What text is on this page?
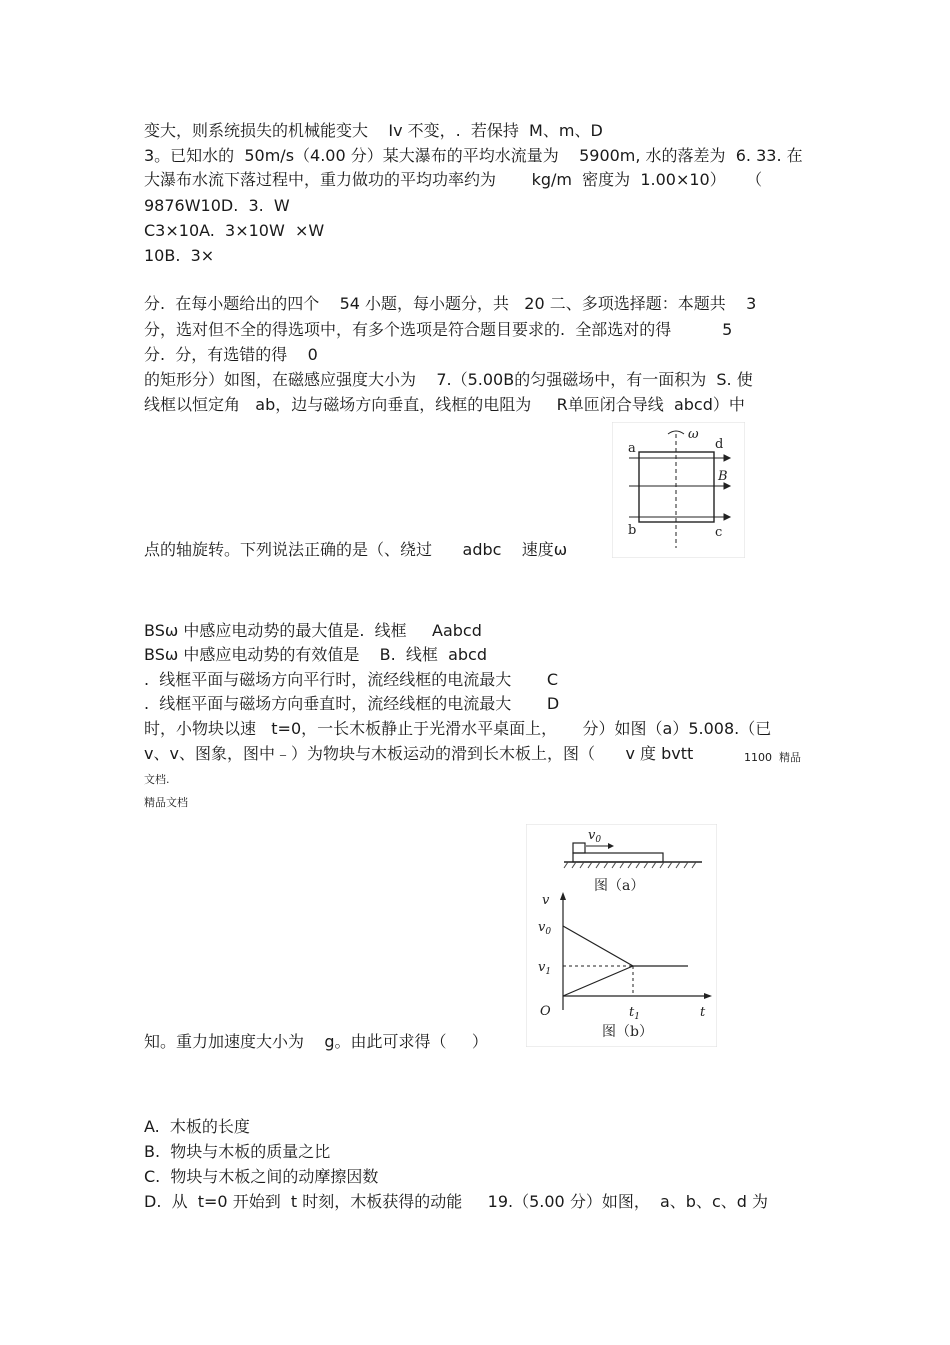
变大，则系统损失的机械能变大    Iv 不变，.  若保持  M、m、D
3。已知水的  50m/s（4.00 分）某大瀑布的平均水流量为    5900m, 水的落差为  6. 33. 在
大瀑布水流下落过程中，重力做功的平均功率约为       kg/m  密度为  1.00×10）    （
9876W10D.  3.  W
C3×10A.  3×10W  ×W
10B.  3×
分.  在每小题给出的四个    54 小题，每小题分，共   20 二、多项选择题：本题共    3
分，选对但不全的得选项中，有多个选项是符合题目要求的.  全部选对的得          5
分.  分，有选错的得    0
的矩形分）如图，在磁感应强度大小为    7.（5.00B的匀强磁场中，有一面积为  S. 使
线框以恒定角   ab，边与磁场方向垂直，线框的电阻为     R单匝闭合导线  abcd）中
点的轴旋转。下列说法正确的是（、绕过      adbc    速度ω
BSω 中感应电动势的最大值是.  线框     Aabcd
BSω 中感应电动势的有效值是    B.  线框  abcd
.  线框平面与磁场方向平行时，流经线框的电流最大       C
.  线框平面与磁场方向垂直时，流经线框的电流最大       D
时，小物块以速   t=0，一长木板静止于光滑水平桌面上，     分）如图（a）5.008.（已
v、v、图象，图中﹣）为物块与木板运动的滑到长木板上，图（      v 度 bvtt	1100  精品
文档.
精品文档
知。重力加速度大小为    g。由此可求得（     ）
A.  木板的长度
B.  物块与木板的质量之比
C.  物块与木板之间的动摩擦因数
D.  从  t=0 开始到  t 时刻，木板获得的动能     19.（5.00 分）如图，  a、b、c、d 为
a	d
b	c
B
ω
$v_0$
图（a）
v
$v_0$
$v_1$
O	$t_1$	t
图（b）
